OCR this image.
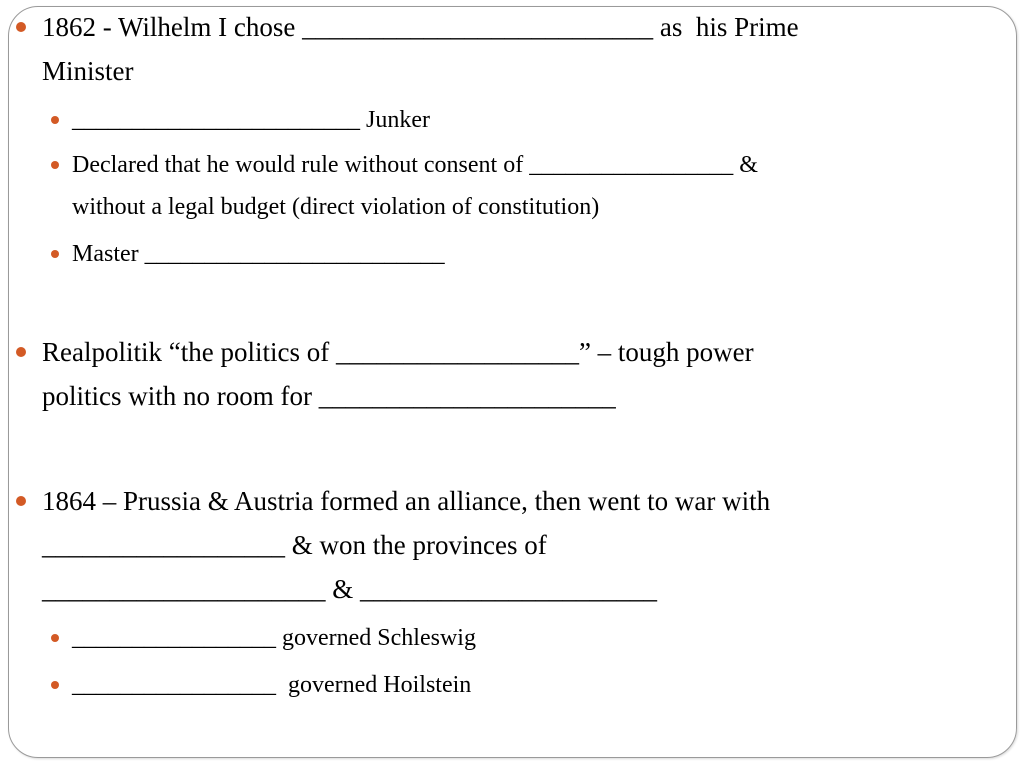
1862 - Wilhelm I chose __________________________ as  his Prime
Minister
________________________ Junker
Declared that he would rule without consent of _________________ &
without a legal budget (direct violation of constitution)
Master _________________________
Realpolitik “the politics of __________________” – tough power
politics with no room for ______________________
1864 – Prussia & Austria formed an alliance, then went to war with
__________________ & won the provinces of
_____________________ & ______________________
_________________ governed Schleswig
_________________  governed Hoilstein
